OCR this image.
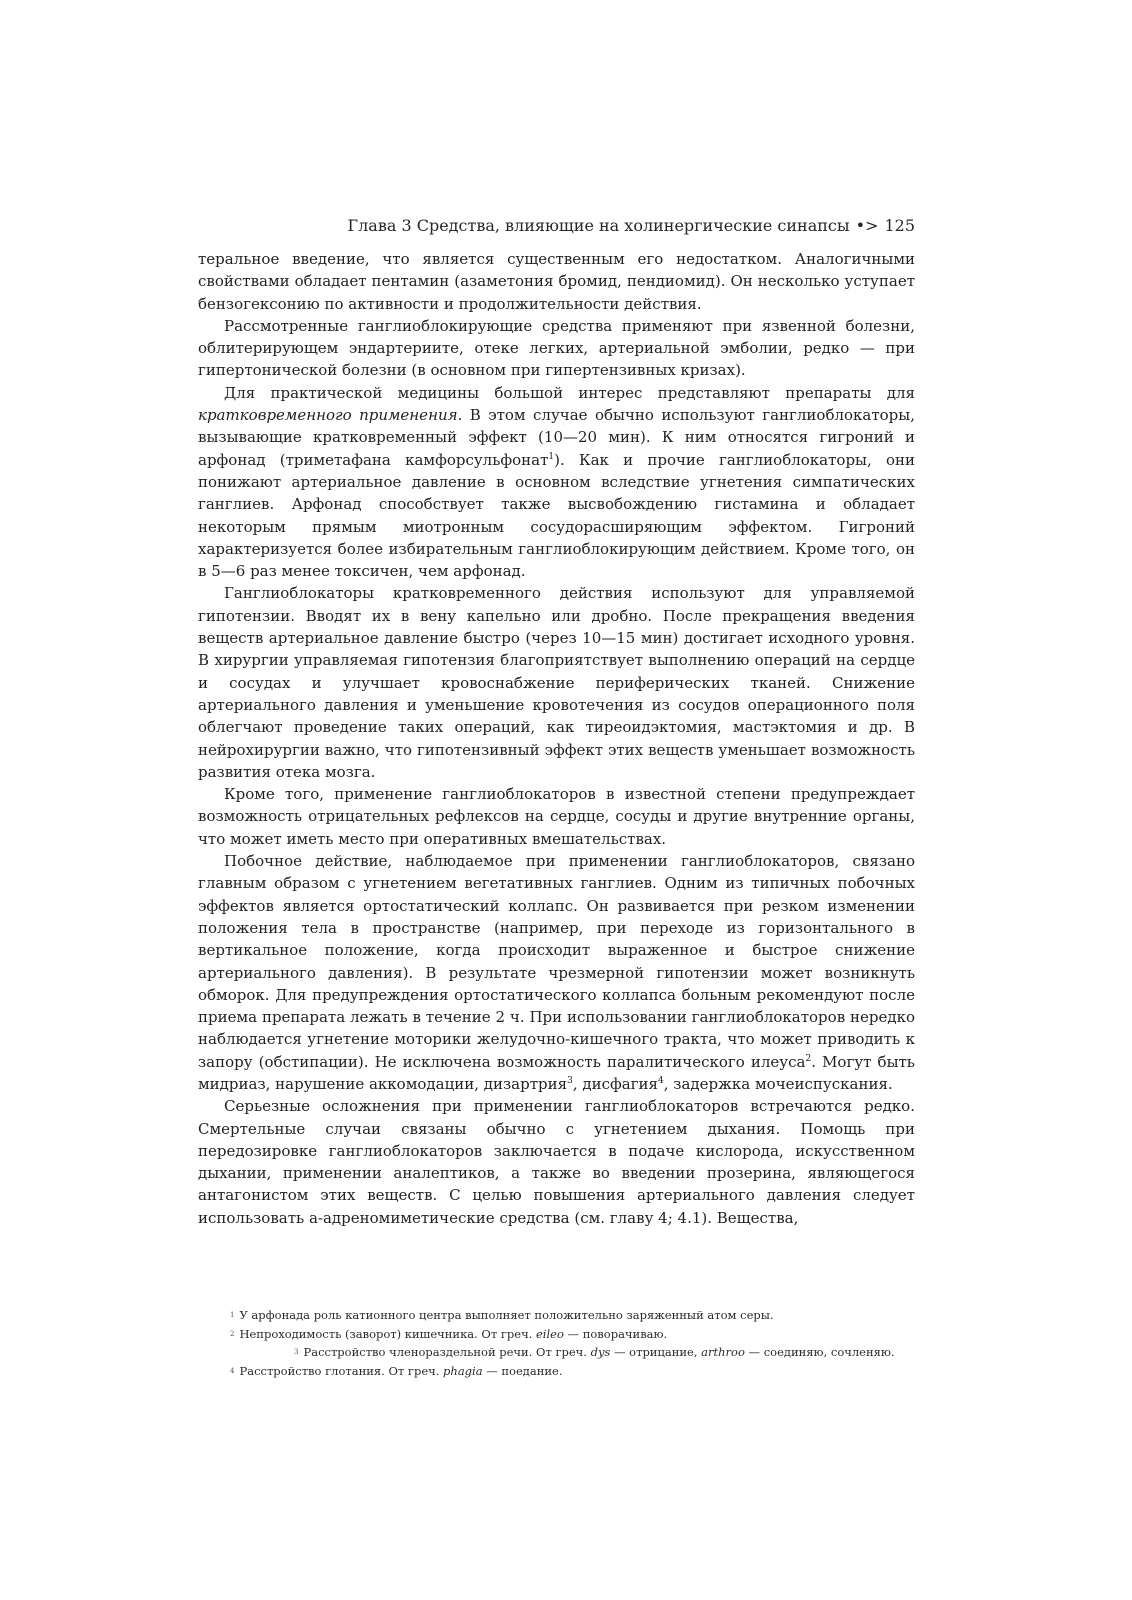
Глава 3 Средства, влияющие на холинергические синапсы •> 125

теральное введение, что является существенным его недостатком. Аналогичными свойствами обладает пентамин (азаметония бромид, пендиомид). Он несколько уступает бензогексонию по активности и продолжительности действия.

Рассмотренные ганглиоблокирующие средства применяют при язвенной болезни, облитерирующем эндартериите, отеке легких, артериальной эмболии, редко — при гипертонической болезни (в основном при гипертензивных кризах).

Для практической медицины большой интерес представляют препараты для кратковременного применения. В этом случае обычно используют ганглиоблокаторы, вызывающие кратковременный эффект (10—20 мин). К ним относятся гигроний и арфонад (триметафана камфорсульфонат$^1$). Как и прочие ганглиоблокаторы, они понижают артериальное давление в основном вследствие угнетения симпатических ганглиев. Арфонад способствует также высвобождению гистамина и обладает некоторым прямым миотронным сосудорасширяющим эффектом. Гигроний характеризуется более избирательным ганглиоблокирующим действием. Кроме того, он в 5—6 раз менее токсичен, чем арфонад.

Ганглиоблокаторы кратковременного действия используют для управляемой гипотензии. Вводят их в вену капельно или дробно. После прекращения введения веществ артериальное давление быстро (через 10—15 мин) достигает исходного уровня. В хирургии управляемая гипотензия благоприятствует выполнению операций на сердце и сосудах и улучшает кровоснабжение периферических тканей. Снижение артериального давления и уменьшение кровотечения из сосудов операционного поля облегчают проведение таких операций, как тиреоидэктомия, мастэктомия и др. В нейрохирургии важно, что гипотензивный эффект этих веществ уменьшает возможность развития отека мозга.

Кроме того, применение ганглиоблокаторов в известной степени предупреждает возможность отрицательных рефлексов на сердце, сосуды и другие внутренние органы, что может иметь место при оперативных вмешательствах.

Побочное действие, наблюдаемое при применении ганглиоблокаторов, связано главным образом с угнетением вегетативных ганглиев. Одним из типичных побочных эффектов является ортостатический коллапс. Он развивается при резком изменении положения тела в пространстве (например, при переходе из горизонтального в вертикальное положение, когда происходит выраженное и быстрое снижение артериального давления). В результате чрезмерной гипотензии может возникнуть обморок. Для предупреждения ортостатического коллапса больным рекомендуют после приема препарата лежать в течение 2 ч. При использовании ганглиоблокаторов нередко наблюдается угнетение моторики желудочно-кишечного тракта, что может приводить к запору (обстипации). Не исключена возможность паралитического илеуса$^2$. Могут быть мидриаз, нарушение аккомодации, дизартрия$^3$, дисфагия$^4$, задержка мочеиспускания.

Серьезные осложнения при применении ганглиоблокаторов встречаются редко. Смертельные случаи связаны обычно с угнетением дыхания. Помощь при передозировке ганглиоблокаторов заключается в подаче кислорода, искусственном дыхании, применении аналептиков, а также во введении прозерина, являющегося антагонистом этих веществ. С целью повышения артериального давления следует использовать а-адреномиметические средства (см. главу 4; 4.1). Вещества,

1 У арфонада роль катионного центра выполняет положительно заряженный атом серы.
2 Непроходимость (заворот) кишечника. От греч. eileo — поворачиваю.
3 Расстройство членораздельной речи. От греч. dys — отрицание, arthroo — соединяю, сочленяю.
4 Расстройство глотания. От греч. phagia — поедание.
